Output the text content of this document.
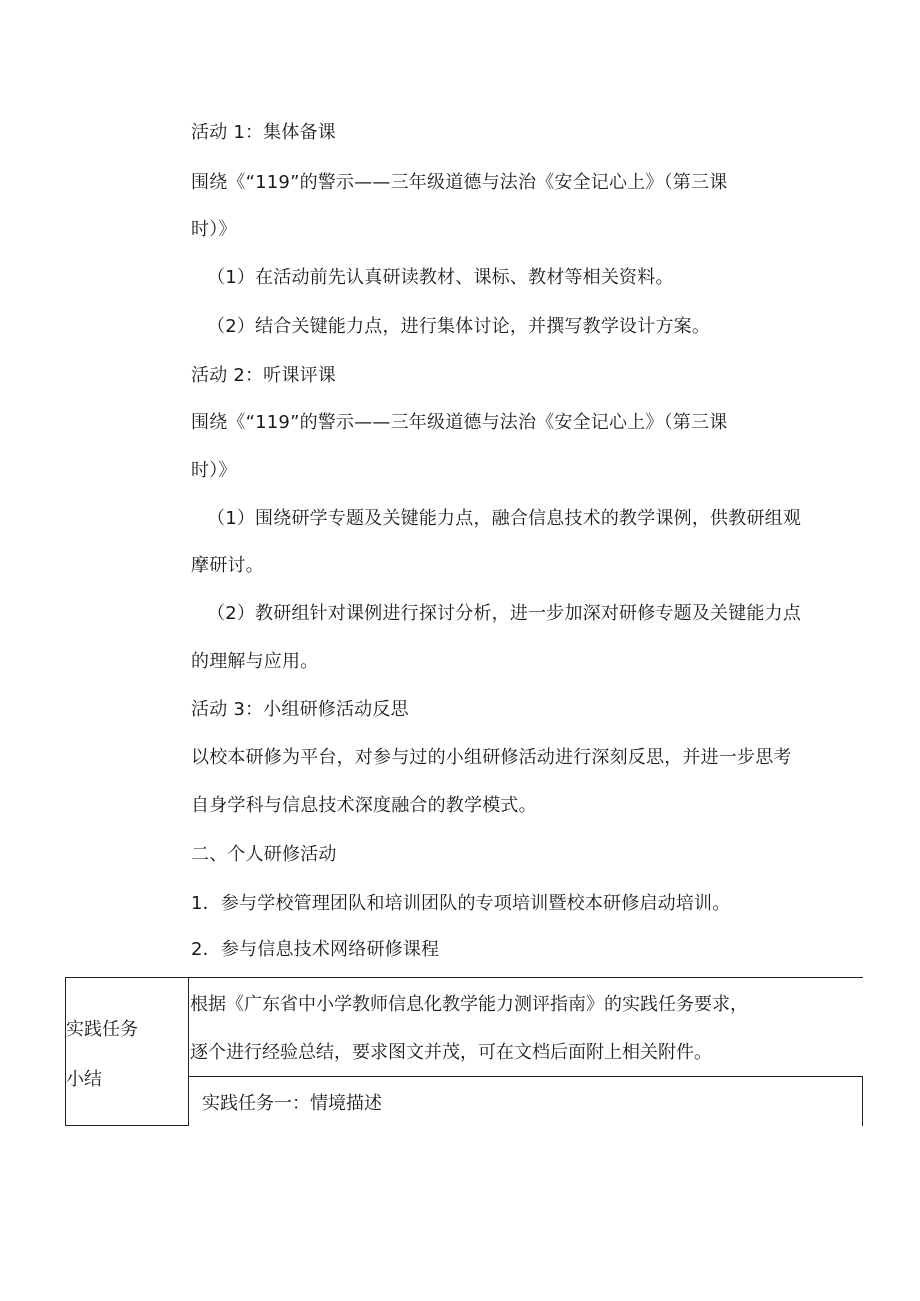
活动 1：集体备课

围绕《“119”的警示——三年级道德与法治《安全记心上》（第三课

时）》

（1）在活动前先认真研读教材、课标、教材等相关资料。

（2）结合关键能力点，进行集体讨论，并撰写教学设计方案。

活动 2：听课评课

围绕《“119”的警示——三年级道德与法治《安全记心上》（第三课

时）》

（1）围绕研学专题及关键能力点，融合信息技术的教学课例，供教研组观

摩研讨。

（2）教研组针对课例进行探讨分析，进一步加深对研修专题及关键能力点

的理解与应用。

活动 3：小组研修活动反思

以校本研修为平台，对参与过的小组研修活动进行深刻反思，并进一步思考

自身学科与信息技术深度融合的教学模式。

二、个人研修活动

1．参与学校管理团队和培训团队的专项培训暨校本研修启动培训。

2．参与信息技术网络研修课程

实践任务

小结

根据《广东省中小学教师信息化教学能力测评指南》的实践任务要求，

逐个进行经验总结，要求图文并茂，可在文档后面附上相关附件。

实践任务一：情境描述
